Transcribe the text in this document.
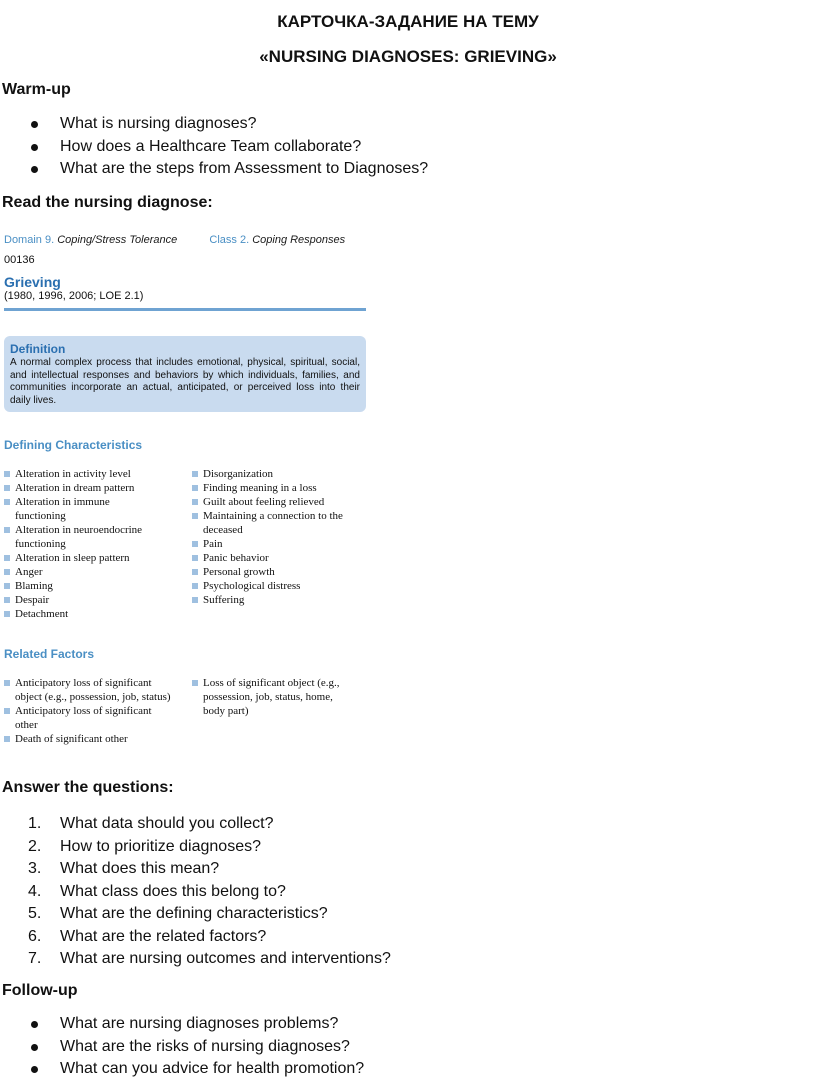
КАРТОЧКА-ЗАДАНИЕ НА ТЕМУ
«NURSING DIAGNOSES: GRIEVING»
Warm-up
What is nursing diagnoses?
How does a Healthcare Team collaborate?
What are the steps from Assessment to Diagnoses?
Read the nursing diagnose:
Domain 9. Coping/Stress Tolerance	Class 2. Coping Responses
00136
Grieving
(1980, 1996, 2006; LOE 2.1)
Definition
A normal complex process that includes emotional, physical, spiritual, social, and intellectual responses and behaviors by which individuals, families, and communities incorporate an actual, anticipated, or perceived loss into their daily lives.
Defining Characteristics
Alteration in activity level
Alteration in dream pattern
Alteration in immune functioning
Alteration in neuroendocrine functioning
Alteration in sleep pattern
Anger
Blaming
Despair
Detachment
Disorganization
Finding meaning in a loss
Guilt about feeling relieved
Maintaining a connection to the deceased
Pain
Panic behavior
Personal growth
Psychological distress
Suffering
Related Factors
Anticipatory loss of significant object (e.g., possession, job, status)
Anticipatory loss of significant other
Death of significant other
Loss of significant object (e.g., possession, job, status, home, body part)
Answer the questions:
1.	What data should you collect?
2.	How to prioritize diagnoses?
3.	What does this mean?
4.	What class does this belong to?
5.	What are the defining characteristics?
6.	What are the related factors?
7.	What are nursing outcomes and interventions?
Follow-up
What are nursing diagnoses problems?
What are the risks of nursing diagnoses?
What can you advice for health promotion?
